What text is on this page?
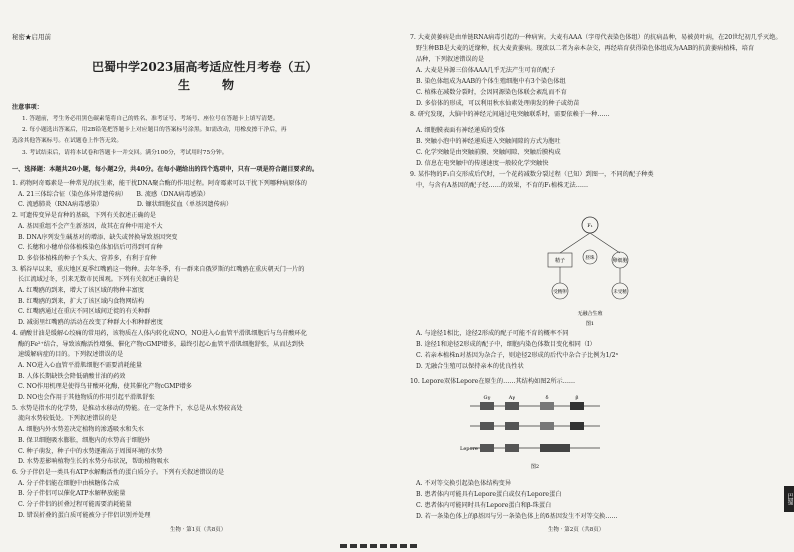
秘密★启用前
巴蜀中学2023届高考适应性月考卷（五）
生　物
注意事项：
1. 答题前，考生务必用黑色碳素笔将自己的姓名、准考证号、考场号、座位号在答题卡上填写清楚。
2. 每小题选出答案后，用2B铅笔把答题卡上对应题目的答案标号涂黑。如需改动，用橡皮擦干净后，再
选涂其他答案标号。在试题卷上作答无效。
3. 考试结束后，请将本试卷和答题卡一并交回。满分100分，考试用时75分钟。
一、选择题：本题共20小题，每小题2分，共40分。在每小题给出的四个选项中，只有一项是符合题目要求的。
1. 药物阿奇霉素是一种常见的抗生素，能干扰DNA聚合酶的作用过程。阿奇霉素可以干扰下列哪种病原体的
A. 21三体综合征（染色体异常遗传病）　　B. 流感（DNA病毒感染）
C. 流感肺炎（RNA病毒感染）　　　　　　D. 镰状细胞贫血（单基因遗传病）
2. 可遗传变异是育种的基础，下列有关叙述正确的是
A. 基因重组不会产生新基因，故其在育种中用途不大
B. DNA序列发生碱基对的增添、缺失或替换导致基因突变
C. 长穗和小穗单倍体植株染色体加倍后可得到可育种
D. 多倍体植株的种子个头大、营养多，有利于育种
3. 稻谷早以来，重庆地区夏季红嘴鸥这一物种。去年冬季，有一群来自俄罗斯的红嘴鸥在重庆朝天门一片的
长江流域过冬，引来无数市民围观。下列有关叙述正确的是
A. 红嘴鸥的到来，增大了该区域的物种丰富度
B. 红嘴鸥的到来，扩大了该区域内食物网结构
C. 红嘴鸥通过在重庆不同区域间迁徙的有关种群
D. 减弱里红嘴鸥的活动在改变了种群大小和种群密度
4. 硝酸甘油是缓解心绞痛的常用药，该物质在人体内转化成NO，NO进入心血管平滑肌细胞后与鸟苷酸环化
酶的Fe²⁺结合，导致该酶活性增强、催化产物cGMP增多，最终引起心血管平滑肌细胞舒张，从而达到快
速缓解病症的目的。下列叙述错误的是
A. NO进入心血管平滑肌细胞不需要消耗能量
B. 人体长期缺铁会降低硝酸甘油的药效
C. NO作用机理是使得鸟苷酸环化酶，使其催化产物cGMP增多
D. NO也会作用于其他物质的作用引起平滑肌舒张
5. 水势是指水的化学势，是推动水移动的势能。在一定条件下，水总是从水势较高处
流向水势较低处。下列叙述错误的是
A. 细胞内外水势差决定植物的渗透吸水和失水
B. 保卫细胞吸水膨胀，细胞内的水势高于细胞外
C. 种子萌发，种子中的水势逐渐高于周围环境的水势
D. 水势差影响植物生长的水势分布状况，帮助植物吸水
6. 分子伴侣是一类具有ATP水解酶活性的蛋白质分子。下列有关叙述错误的是
A. 分子伴侣能在细胞中由核糖体合成
B. 分子伴侣可以催化ATP水解释放能量
C. 分子伴侣的折叠过程可能需要消耗能量
D. 错误折叠的蛋白质可能被分子伴侣识别并处理
生物 · 第1页（共8页）
7. 大麦黄萎病是由单链RNA病毒引起的一种病害。大麦有AAA（字母代表染色体组）的抗病品种，易被黄叶病，在20世纪初几乎灭绝。
野生种BB是大麦的近缘种，抗大麦黄萎病。现欲以二者为亲本杂交，再经培育获得染色体组成为AAB的抗黄萎病植株，培育
品种，下列叙述错误的是
A. 大麦是异源三倍体AAA几乎无法产生可育的配子
B. 染色体组成为AAB的个体生殖细胞中有3个染色体组
C. 植株在减数分裂时，会因同源染色体联会紊乱而不育
D. 多倍体的形成，可以利用秋水仙素处理萌发的种子或幼苗
8. 研究发现，大脑中的神经元间通过电突触联系时，需要依赖于一种……
A. 细胞膜表面有神经递质的受体
B. 突触小泡中的神经递质进入突触间隙的方式为胞吐
C. 化学突触是由突触前膜、突触间隙、突触后膜构成
D. 信息在电突触中的传递速度一般较化学突触快
9. 某作物的F₁自交形成后代时，一个花药减数分裂过程（已知）到图一，不同的配子种类
中，与含有A基因的配子经……的效果，不育的F₁植株无法……
A. 与途径1相比，途径2形成的配子可能不育的概率不同
B. 途径1和途径2形成的配子中，细胞内染色体数目变化相同（Ⅰ）
C. 若亲本植株n对基因为杂合子，则途径2形成的后代中杂合子比例为1/2ⁿ
D. 无融合生殖可以保持亲本的优良性状
10. Lepore双体Lepore在原生的……其结构如图2所示……
A. 不对等交换引起染色体结构变异
B. 患者体内可能具有Lepore蛋白或仅有Lepore蛋白
C. 患者体内可能同时具有Lepore蛋白和β-珠蛋白
D. 若一条染色体上的β基因与另一条染色体上的δ基因发生不对等交换……
生物 · 第2页（共8页）
F₁
精子	卵细胞
胚珠
受精卵	未受精
无融合生殖
图1
Gγ	Aγ	δ	β
Lepore
图2
巴蜀
